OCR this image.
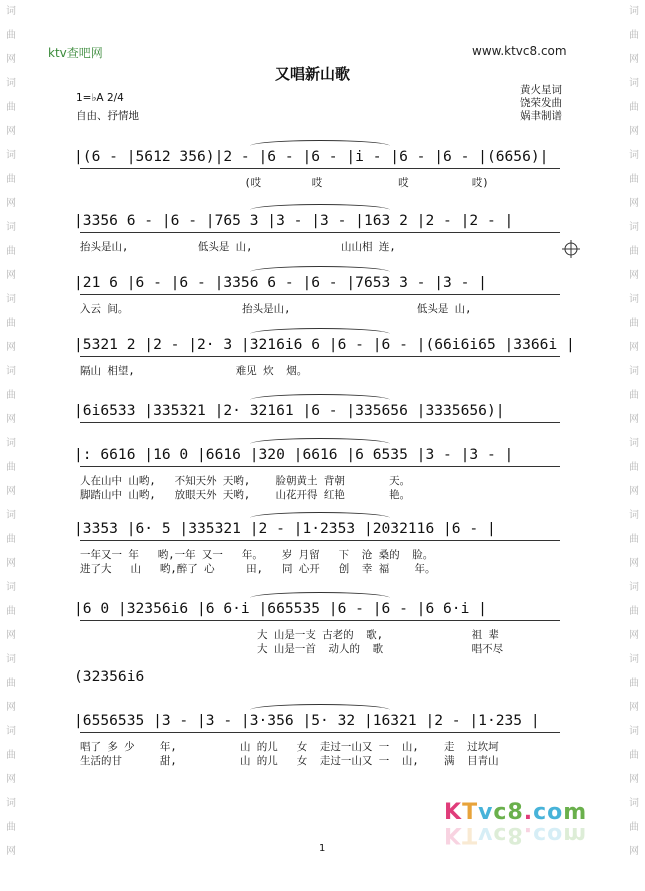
词
曲
网
词
曲
网
词
曲
网
词
曲
网
词
曲
网
词
曲
网
词
曲
网
词
曲
网
词
曲
网
词
曲
网
词
曲
网
词
曲
网
词
曲
网
词
曲
网
词
曲
网
词
曲
网
词
曲
网
词
曲
网
词
曲
网
词
曲
网
词
曲
网
词
曲
网
词
曲
网
词
曲
网
ktv查吧网	www.ktvc8.com
又唱新山歌
1=♭A 2/4
自由、抒情地
黄火星词
饶荣发曲
娲聿制谱
|(6 - |5612 356)|2 - |6 - |6 - |i - |6 - |6 - |(6656)|
(哎        哎            哎          哎)
|3356 6 - |6 - |765 3 |3 - |3 - |163 2 |2 - |2 - |
抬头是山,           低头是 山,              山山相 连,
|21 6 |6 - |6 - |3356 6 - |6 - |7653 3 - |3 - |
入云 间。                  抬头是山,                    低头是 山,
|5321 2 |2 - |2· 3 |3216i6 6 |6 - |6 - |(66i6i65 |3366i |
隔山 相望,                难见 炊  烟。
|6i6533 |335321 |2· 32161 |6 - |335656 |3335656)|
|: 6616 |16 0 |6616 |320 |6616 |6 6535 |3 - |3 - |
人在山中 山哟,   不知天外 天哟,    脸朝黄土 背朝       天。
脚踏山中 山哟,   放眼天外 天哟,    山花开得 红艳       艳。
|3353 |6· 5 |335321 |2 - |1·2353 |2032116 |6 - |
一年又一 年   哟,一年 又一   年。   岁 月留   下  沧 桑的  脸。
进了大   山   哟,醉了 心     田,   同 心开   创  幸 福    年。
|6 0 |32356i6 |6 6·i |665535 |6 - |6 - |6 6·i |
大 山是一支 古老的  歌,              祖 辈
大 山是一首  动人的  歌              唱不尽
(32356i6
|6556535 |3 - |3 - |3·356 |5· 32 |16321 |2 - |1·235 |
唱了 多 少    年,          山 的儿   女  走过一山又 一  山,    走  过坎坷
生活的甘      甜,          山 的儿   女  走过一山又 一  山,    满  目青山
KTvc8.com
KTvc8.com
1
